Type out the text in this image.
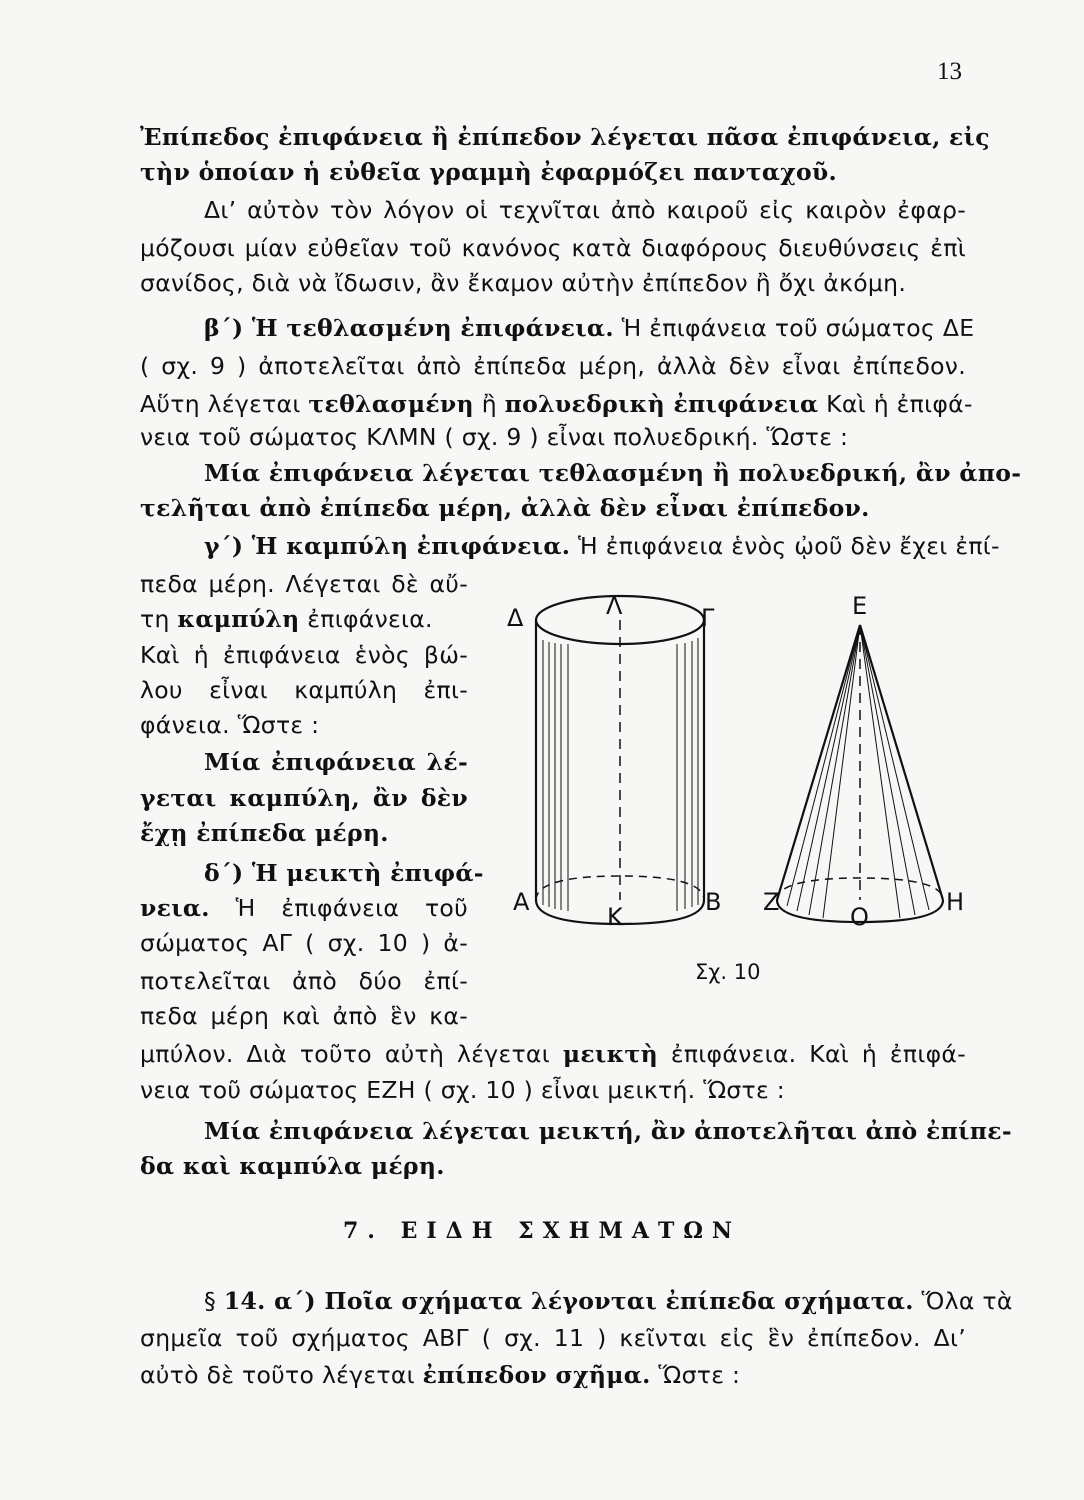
13
Ἐπίπεδος ἐπιφάνεια ἢ ἐπίπεδον λέγεται πᾶσα ἐπιφάνεια, εἰς
τὴν ὁποίαν ἡ εὐθεῖα γραμμὴ ἐφαρμόζει πανταχοῦ.
Δι’ αὐτὸν τὸν λόγον οἱ τεχνῖται ἀπὸ καιροῦ εἰς καιρὸν ἐφαρ-
μόζουσι μίαν εὐθεῖαν τοῦ κανόνος κατὰ διαφόρους διευθύνσεις ἐπὶ
σανίδος, διὰ νὰ ἴδωσιν, ἂν ἔκαμον αὐτὴν ἐπίπεδον ἢ ὄχι ἀκόμη.
β΄) Ἡ τεθλασμένη ἐπιφάνεια. Ἡ ἐπιφάνεια τοῦ σώματος ΔΕ
( σχ. 9 ) ἀποτελεῖται ἀπὸ ἐπίπεδα μέρη, ἀλλὰ δὲν εἶναι ἐπίπεδον.
Αὕτη λέγεται τεθλασμένη ἢ πολυεδρικὴ ἐπιφάνεια Καὶ ἡ ἐπιφά-
νεια τοῦ σώματος ΚΛΜΝ ( σχ. 9 ) εἶναι πολυεδρική. Ὥστε :
Μία ἐπιφάνεια λέγεται τεθλασμένη ἢ πολυεδρική, ἂν ἀπο-
τελῆται ἀπὸ ἐπίπεδα μέρη, ἀλλὰ δὲν εἶναι ἐπίπεδον.
γ΄) Ἡ καμπύλη ἐπιφάνεια. Ἡ ἐπιφάνεια ἑνὸς ᾠοῦ δὲν ἔχει ἐπί-
πεδα μέρη. Λέγεται δὲ αὔ-
τη καμπύλη ἐπιφάνεια.
Καὶ ἡ ἐπιφάνεια ἑνὸς βώ-
λου εἶναι καμπύλη ἐπι-
φάνεια. Ὥστε :
Μία ἐπιφάνεια λέ-
γεται καμπύλη, ἂν δὲν
ἔχῃ ἐπίπεδα μέρη.
δ΄) Ἡ μεικτὴ ἐπιφά-
νεια. Ἡ ἐπιφάνεια τοῦ
σώματος ΑΓ ( σχ. 10 ) ἀ-
ποτελεῖται ἀπὸ δύο ἐπί-
πεδα μέρη καὶ ἀπὸ ἓν κα-
μπύλον. Διὰ τοῦτο αὐτὴ λέγεται μεικτὴ ἐπιφάνεια. Καὶ ἡ ἐπιφά-
νεια τοῦ σώματος ΕΖΗ ( σχ. 10 ) εἶναι μεικτή. Ὥστε :
Μία ἐπιφάνεια λέγεται μεικτή, ἂν ἀποτελῆται ἀπὸ ἐπίπε-
δα καὶ καμπύλα μέρη.
§ 14. α΄) Ποῖα σχήματα λέγονται ἐπίπεδα σχήματα. Ὅλα τὰ
σημεῖα τοῦ σχήματος ΑΒΓ ( σχ. 11 ) κεῖνται εἰς ἓν ἐπίπεδον. Δι’
αὐτὸ δὲ τοῦτο λέγεται ἐπίπεδον σχῆμα. Ὥστε :
7. ΕΙΔΗ ΣΧΗΜΑΤΩΝ
Δ	Λ	Γ
Α
Κ
Β
Ε
Ζ
Ο
Η
Σχ. 10
